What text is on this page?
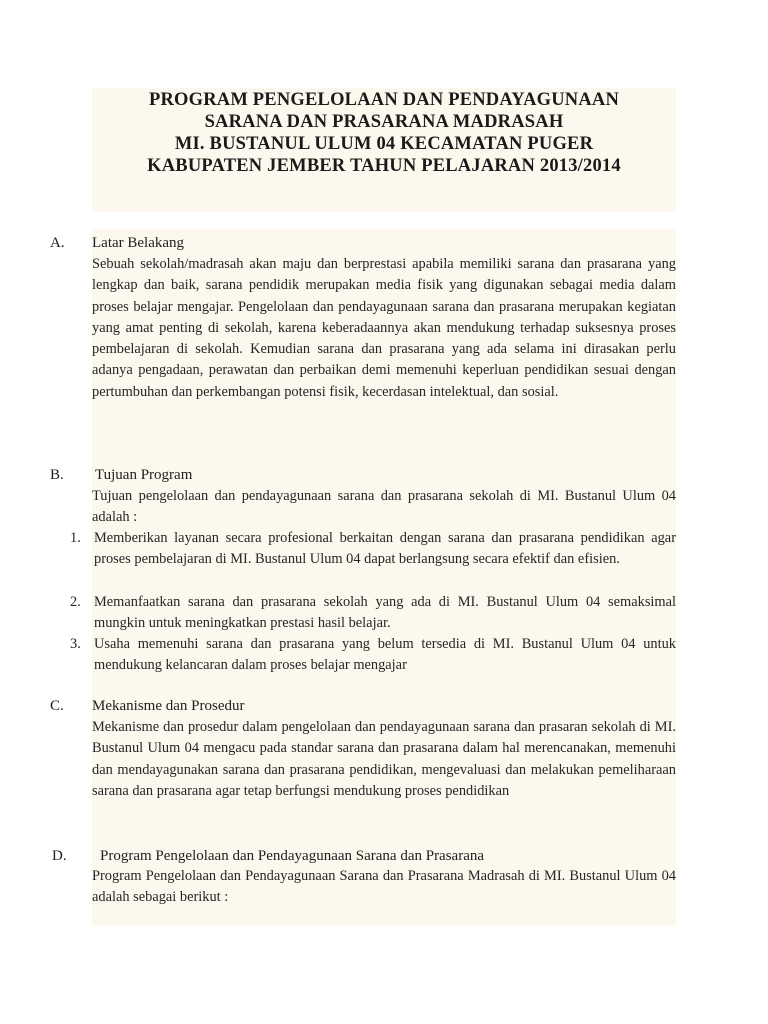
PROGRAM PENGELOLAAN DAN PENDAYAGUNAAN

SARANA DAN PRASARANA MADRASAH

MI. BUSTANUL ULUM 04 KECAMATAN PUGER

KABUPATEN JEMBER TAHUN PELAJARAN 2013/2014

A. Latar Belakang

Sebuah sekolah/madrasah akan maju dan berprestasi apabila memiliki sarana dan prasarana yang lengkap dan baik, sarana pendidik merupakan media fisik yang digunakan sebagai media dalam proses belajar mengajar. Pengelolaan dan pendayagunaan sarana dan prasarana merupakan kegiatan yang amat penting di sekolah, karena keberadaannya akan mendukung terhadap suksesnya proses pembelajaran di sekolah. Kemudian sarana dan prasarana yang ada selama ini dirasakan perlu adanya pengadaan, perawatan dan perbaikan demi memenuhi keperluan pendidikan sesuai dengan pertumbuhan dan perkembangan potensi fisik, kecerdasan intelektual, dan sosial.

B. Tujuan Program

Tujuan pengelolaan dan pendayagunaan sarana dan prasarana sekolah di MI. Bustanul Ulum 04 adalah :

1. Memberikan layanan secara profesional berkaitan dengan sarana dan prasarana pendidikan agar proses pembelajaran di MI. Bustanul Ulum 04 dapat berlangsung secara efektif dan efisien.

2. Memanfaatkan sarana dan prasarana sekolah yang ada di MI. Bustanul Ulum 04 semaksimal mungkin untuk meningkatkan prestasi hasil belajar.

3. Usaha memenuhi sarana dan prasarana yang belum tersedia di MI. Bustanul Ulum 04 untuk mendukung kelancaran dalam proses belajar mengajar

C. Mekanisme dan Prosedur

Mekanisme dan prosedur dalam pengelolaan dan pendayagunaan sarana dan prasaran sekolah di MI. Bustanul Ulum 04 mengacu pada standar sarana dan prasarana dalam hal merencanakan, memenuhi dan mendayagunakan sarana dan prasarana pendidikan, mengevaluasi dan melakukan pemeliharaan sarana dan prasarana agar tetap berfungsi mendukung proses pendidikan

D. Program Pengelolaan dan Pendayagunaan Sarana dan Prasarana

Program Pengelolaan dan Pendayagunaan Sarana dan Prasarana Madrasah di MI. Bustanul Ulum 04 adalah sebagai berikut :
